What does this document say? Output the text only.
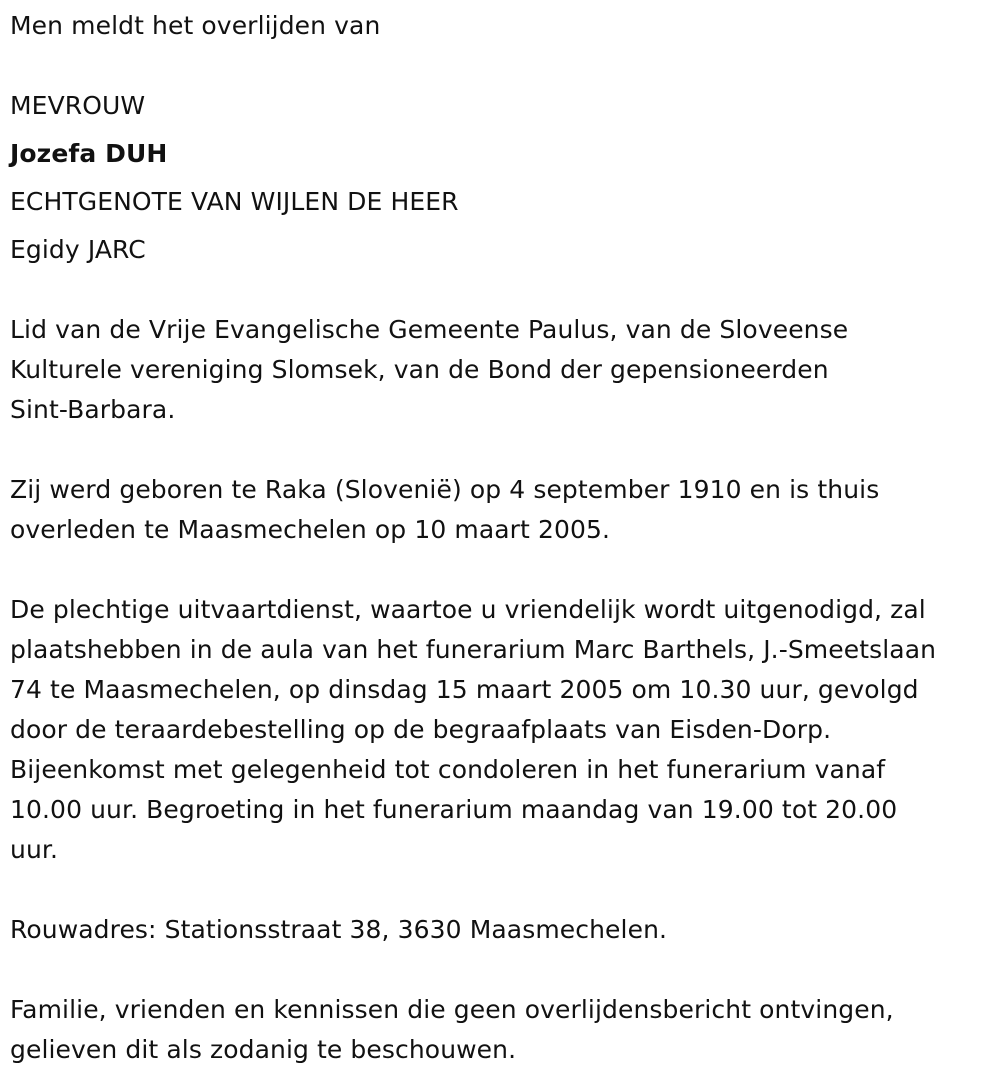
Men meldt het overlijden van
MEVROUW
Jozefa DUH
ECHTGENOTE VAN WIJLEN DE HEER
Egidy JARC
Lid van de Vrije Evangelische Gemeente Paulus, van de Sloveense
Kulturele vereniging Slomsek, van de Bond der gepensioneerden
Sint-Barbara.
Zij werd geboren te Raka (Slovenië) op 4 september 1910 en is thuis
overleden te Maasmechelen op 10 maart 2005.
De plechtige uitvaartdienst, waartoe u vriendelijk wordt uitgenodigd, zal
plaatshebben in de aula van het funerarium Marc Barthels, J.-Smeetslaan
74 te Maasmechelen, op dinsdag 15 maart 2005 om 10.30 uur, gevolgd
door de teraardebestelling op de begraafplaats van Eisden-Dorp.
Bijeenkomst met gelegenheid tot condoleren in het funerarium vanaf
10.00 uur. Begroeting in het funerarium maandag van 19.00 tot 20.00
uur.
Rouwadres: Stationsstraat 38, 3630 Maasmechelen.
Familie, vrienden en kennissen die geen overlijdensbericht ontvingen,
gelieven dit als zodanig te beschouwen.
